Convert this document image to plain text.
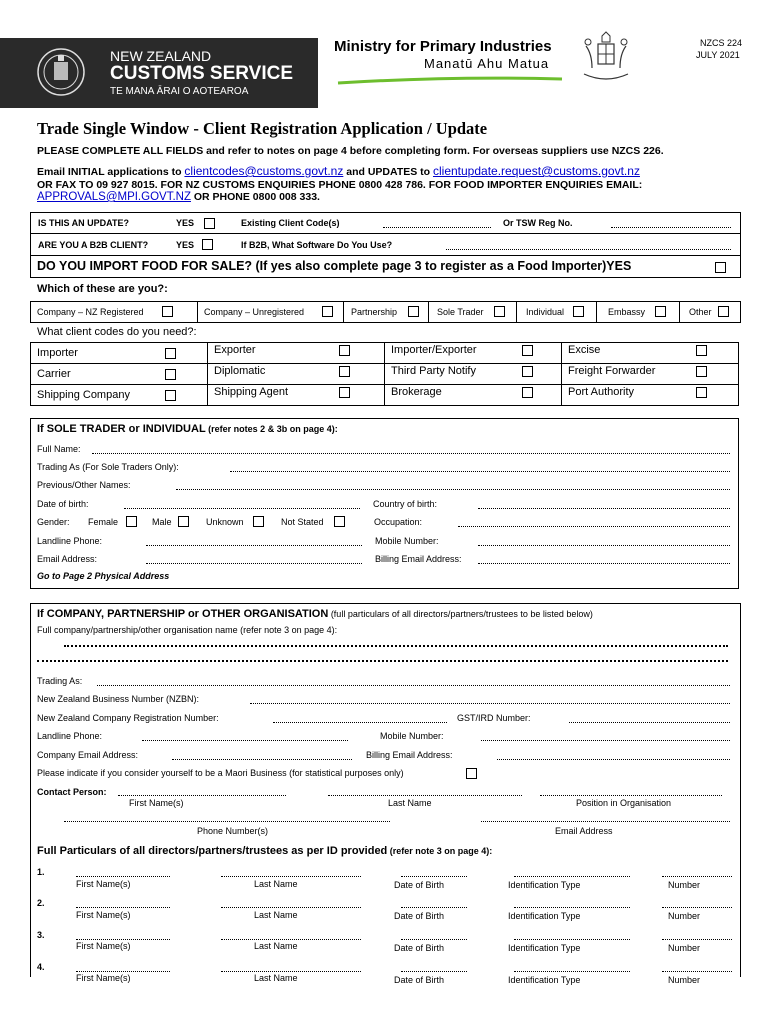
NEW ZEALAND
CUSTOMS SERVICE
TE MANA ĀRAI O AOTEAROA
Ministry for Primary Industries
Manatū Ahu Matua
NZCS 224
JULY 2021
Trade Single Window - Client Registration Application / Update
PLEASE COMPLETE ALL FIELDS and refer to notes on page 4 before completing form. For overseas suppliers use NZCS 226.
Email INITIAL applications to clientcodes@customs.govt.nz and UPDATES to clientupdate.request@customs.govt.nz
OR FAX TO 09 927 8015. FOR NZ CUSTOMS ENQUIRIES PHONE 0800 428 786. FOR FOOD IMPORTER ENQUIRIES EMAIL:
APPROVALS@MPI.GOVT.NZ OR PHONE 0800 008 333.
IS THIS AN UPDATE?	YES	Existing Client Code(s)	Or TSW Reg No.
ARE YOU A B2B CLIENT?	YES	If B2B, What Software Do You Use?
DO YOU IMPORT FOOD FOR SALE? (If yes also complete page 3 to register as a Food Importer)YES
Which of these are you?:
Company – NZ Registered	Company – Unregistered	Partnership	Sole Trader	Individual	Embassy	Other
What client codes do you need?:
Importer	Exporter	Importer/Exporter	Excise
Carrier	Diplomatic	Third Party Notify	Freight Forwarder
Shipping Company	Shipping Agent	Brokerage	Port Authority
If SOLE TRADER or INDIVIDUAL (refer notes 2 & 3b on page 4):
Full Name:
Trading As (For Sole Traders Only):
Previous/Other Names:
Date of birth:	Country of birth:
Gender: Female	Male	Unknown	Not Stated	Occupation:
Landline Phone:	Mobile Number:
Email Address:	Billing Email Address:
Go to Page 2 Physical Address
If COMPANY, PARTNERSHIP or OTHER ORGANISATION (full particulars of all directors/partners/trustees to be listed below)
Full company/partnership/other organisation name (refer note 3 on page 4):
Trading As:
New Zealand Business Number (NZBN):
New Zealand Company Registration Number:	GST/IRD Number:
Landline Phone:	Mobile Number:
Company Email Address:	Billing Email Address:
Please indicate if you consider yourself to be a Maori Business (for statistical purposes only)
Contact Person:
First Name(s)	Last Name	Position in Organisation
Phone Number(s)	Email Address
Full Particulars of all directors/partners/trustees as per ID provided (refer note 3 on page 4):
1.
First Name(s)	Last Name	Date of Birth	Identification Type	Number
2.
First Name(s)	Last Name	Date of Birth	Identification Type	Number
3.
First Name(s)	Last Name	Date of Birth	Identification Type	Number
4.
First Name(s)	Last Name	Date of Birth	Identification Type	Number
